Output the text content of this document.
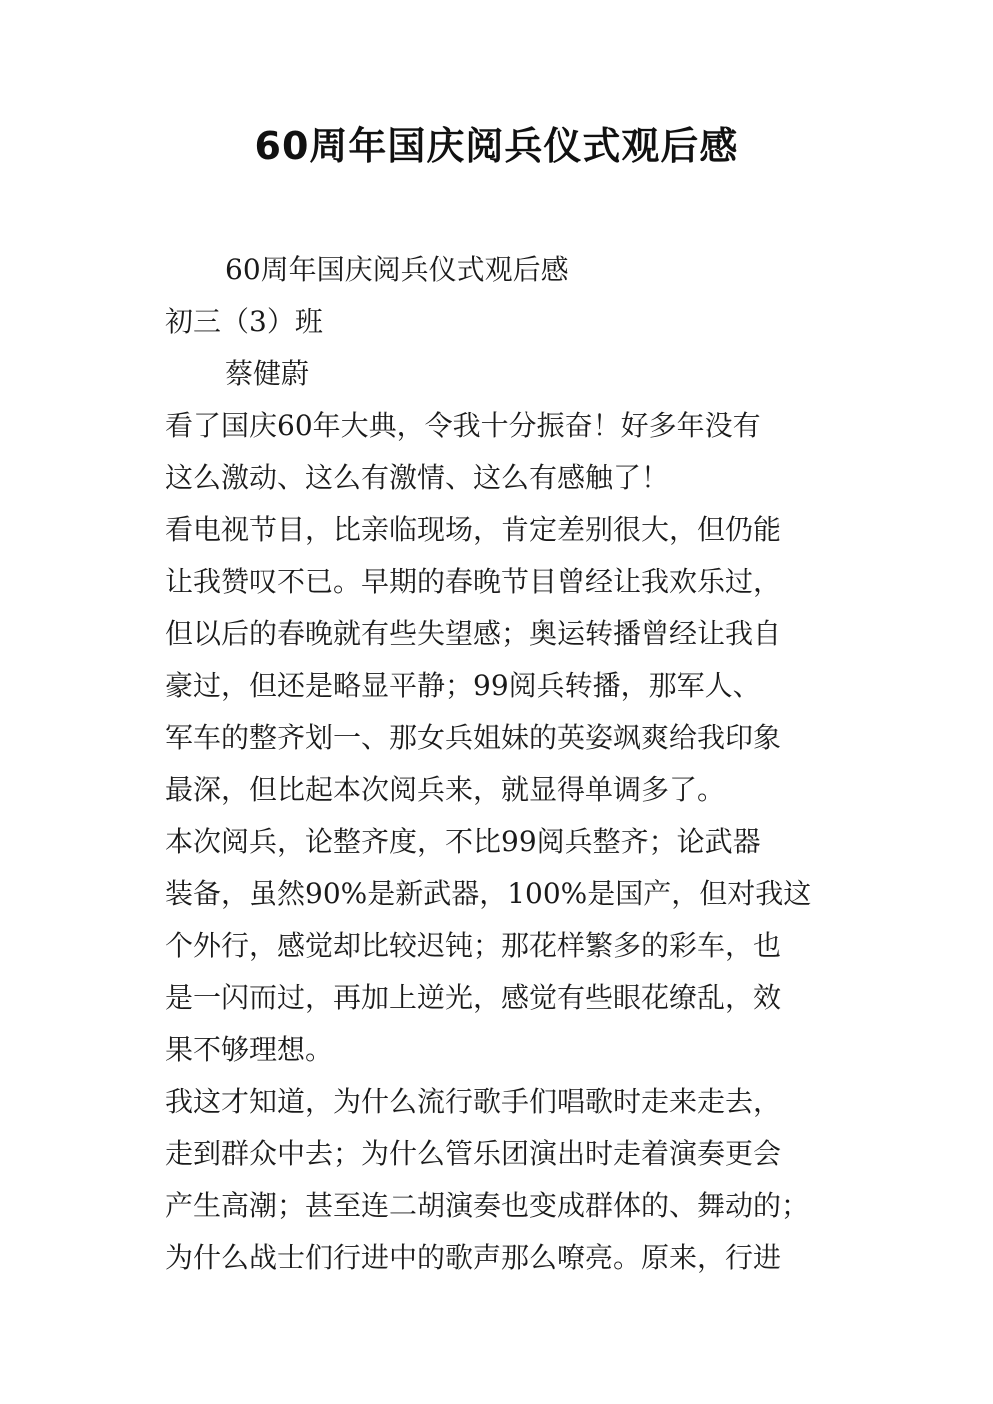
60周年国庆阅兵仪式观后感
60周年国庆阅兵仪式观后感
初三（3）班
蔡健蔚
看了国庆60年大典，令我十分振奋！好多年没有
这么激动、这么有激情、这么有感触了！
看电视节目，比亲临现场，肯定差别很大，但仍能
让我赞叹不已。早期的春晚节目曾经让我欢乐过，
但以后的春晚就有些失望感；奥运转播曾经让我自
豪过，但还是略显平静；99阅兵转播，那军人、
军车的整齐划一、那女兵姐妹的英姿飒爽给我印象
最深，但比起本次阅兵来，就显得单调多了。
本次阅兵，论整齐度，不比99阅兵整齐；论武器
装备，虽然90%是新武器，100%是国产，但对我这
个外行，感觉却比较迟钝；那花样繁多的彩车，也
是一闪而过，再加上逆光，感觉有些眼花缭乱，效
果不够理想。
我这才知道，为什么流行歌手们唱歌时走来走去，
走到群众中去；为什么管乐团演出时走着演奏更会
产生高潮；甚至连二胡演奏也变成群体的、舞动的；
为什么战士们行进中的歌声那么嘹亮。原来，行进
